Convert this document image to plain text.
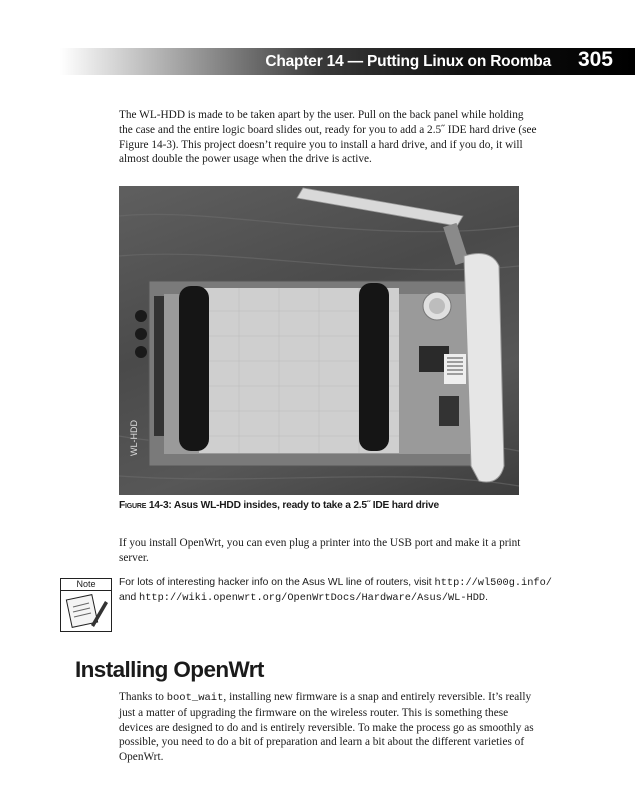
Chapter 14 — Putting Linux on Roomba 305

The WL-HDD is made to be taken apart by the user. Pull on the back panel while holding the case and the entire logic board slides out, ready for you to add a 2.5˝ IDE hard drive (see Figure 14-3). This project doesn’t require you to install a hard drive, and if you do, it will almost double the power usage when the drive is active.

WL-HDD

Figure 14-3: Asus WL-HDD insides, ready to take a 2.5˝ IDE hard drive

If you install OpenWrt, you can even plug a printer into the USB port and make it a print server.

Note	For lots of interesting hacker info on the Asus WL line of routers, visit http://wl500g.info/
and http://wiki.openwrt.org/OpenWrtDocs/Hardware/Asus/WL-HDD.

Installing OpenWrt

Thanks to boot_wait, installing new firmware is a snap and entirely reversible. It’s really just a matter of upgrading the firmware on the wireless router. This is something these devices are designed to do and is entirely reversible. To make the process go as smoothly as possible, you need to do a bit of preparation and learn a bit about the different varieties of OpenWrt.
